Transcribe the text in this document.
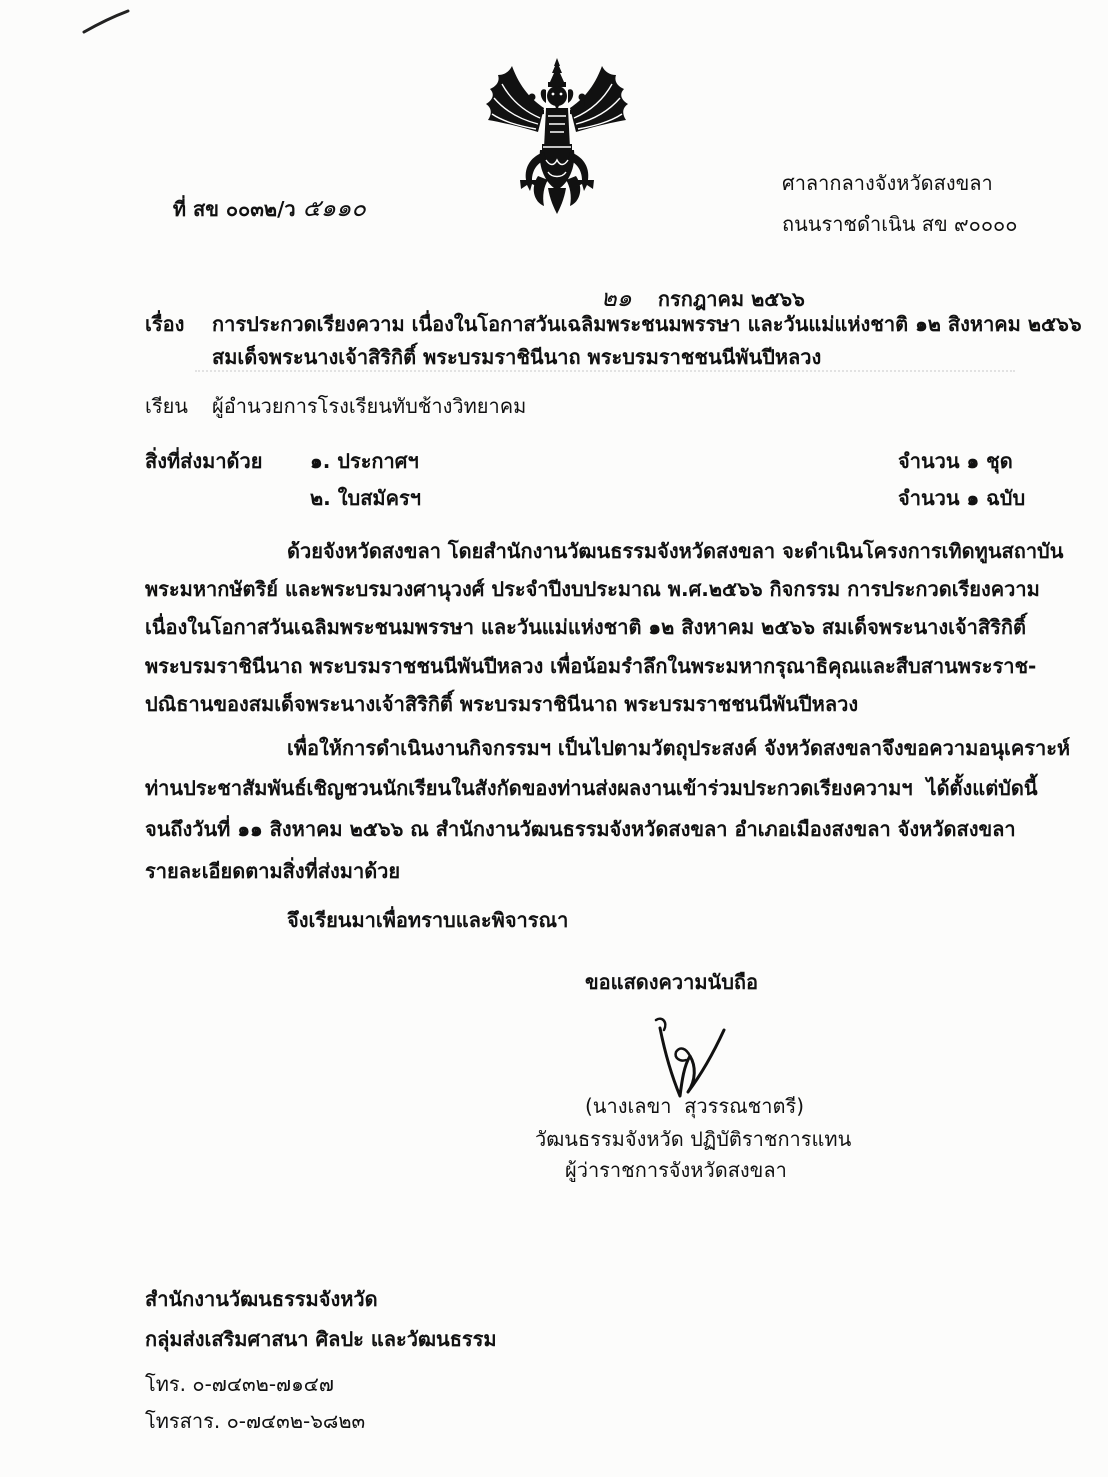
ที่ สข ๐๐๓๒/ว ๕๑๑๐

ศาลากลางจังหวัดสงขลา
ถนนราชดำเนิน สข ๙๐๐๐๐

๒๑ กรกฎาคม ๒๕๖๖

เรื่อง การประกวดเรียงความ เนื่องในโอกาสวันเฉลิมพระชนมพรรษา และวันแม่แห่งชาติ ๑๒ สิงหาคม ๒๕๖๖
สมเด็จพระนางเจ้าสิริกิติ์ พระบรมราชินีนาถ พระบรมราชชนนีพันปีหลวง
เรียน ผู้อำนวยการโรงเรียนทับช้างวิทยาคม
สิ่งที่ส่งมาด้วย ๑. ประกาศฯ	จำนวน ๑ ชุด
๒. ใบสมัครฯ	จำนวน ๑ ฉบับ
ด้วยจังหวัดสงขลา โดยสำนักงานวัฒนธรรมจังหวัดสงขลา จะดำเนินโครงการเทิดทูนสถาบัน
พระมหากษัตริย์ และพระบรมวงศานุวงศ์ ประจำปีงบประมาณ พ.ศ.๒๕๖๖ กิจกรรม การประกวดเรียงความ
เนื่องในโอกาสวันเฉลิมพระชนมพรรษา และวันแม่แห่งชาติ ๑๒ สิงหาคม ๒๕๖๖ สมเด็จพระนางเจ้าสิริกิติ์
พระบรมราชินีนาถ พระบรมราชชนนีพันปีหลวง เพื่อน้อมรำลึกในพระมหากรุณาธิคุณและสืบสานพระราช-
ปณิธานของสมเด็จพระนางเจ้าสิริกิติ์ พระบรมราชินีนาถ พระบรมราชชนนีพันปีหลวง
เพื่อให้การดำเนินงานกิจกรรมฯ เป็นไปตามวัตถุประสงค์ จังหวัดสงขลาจึงขอความอนุเคราะห์
ท่านประชาสัมพันธ์เชิญชวนนักเรียนในสังกัดของท่านส่งผลงานเข้าร่วมประกวดเรียงความฯ  ได้ตั้งแต่บัดนี้
จนถึงวันที่ ๑๑ สิงหาคม ๒๕๖๖ ณ สำนักงานวัฒนธรรมจังหวัดสงขลา อำเภอเมืองสงขลา จังหวัดสงขลา
รายละเอียดตามสิ่งที่ส่งมาด้วย
จึงเรียนมาเพื่อทราบและพิจารณา
ขอแสดงความนับถือ
(นางเลขา  สุวรรณชาตรี)
วัฒนธรรมจังหวัด ปฏิบัติราชการแทน
ผู้ว่าราชการจังหวัดสงขลา
สำนักงานวัฒนธรรมจังหวัด
กลุ่มส่งเสริมศาสนา ศิลปะ และวัฒนธรรม
โทร. ๐-๗๔๓๒-๗๑๔๗
โทรสาร. ๐-๗๔๓๒-๖๘๒๓
